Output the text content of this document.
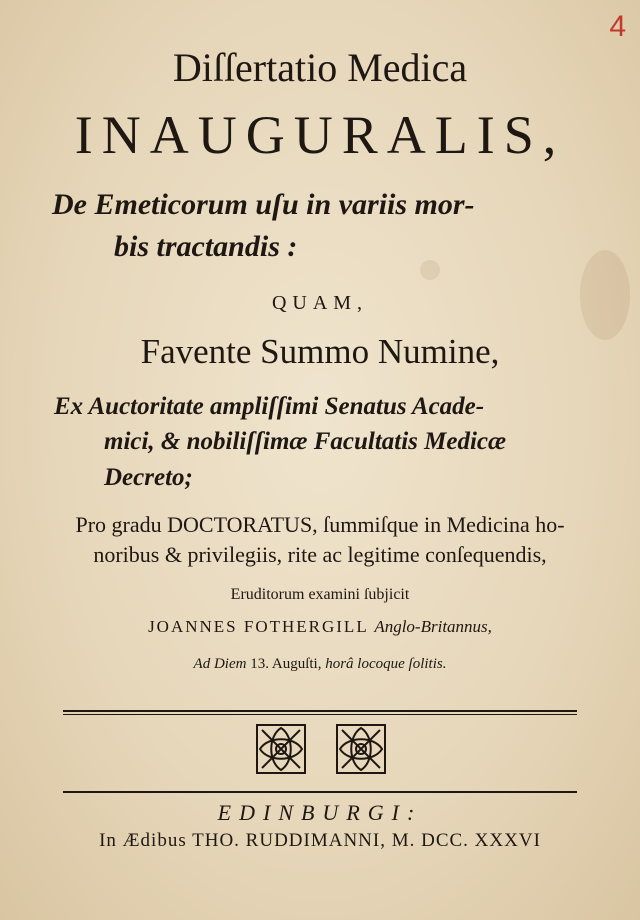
4
Diſſertatio Medica
INAUGURALIS,
De Emeticorum uſu in variis mor-
bis tractandis :
QUAM,
Favente Summo Numine,
Ex Auctoritate ampliſſimi Senatus Acade-
mici, & nobiliſſimæ Facultatis Medicæ
Decreto;
Pro gradu DOCTORATUS, ſummiſque in Medicina ho-
noribus & privilegiis, rite ac legitime conſequendis,
Eruditorum examini ſubjicit
JOANNES FOTHERGILL Anglo-Britannus,
Ad Diem 13. Auguſti, horâ locoque ſolitis.
EDINBURGI:
In Ædibus THO. RUDDIMANNI, M. DCC. XXXVI
